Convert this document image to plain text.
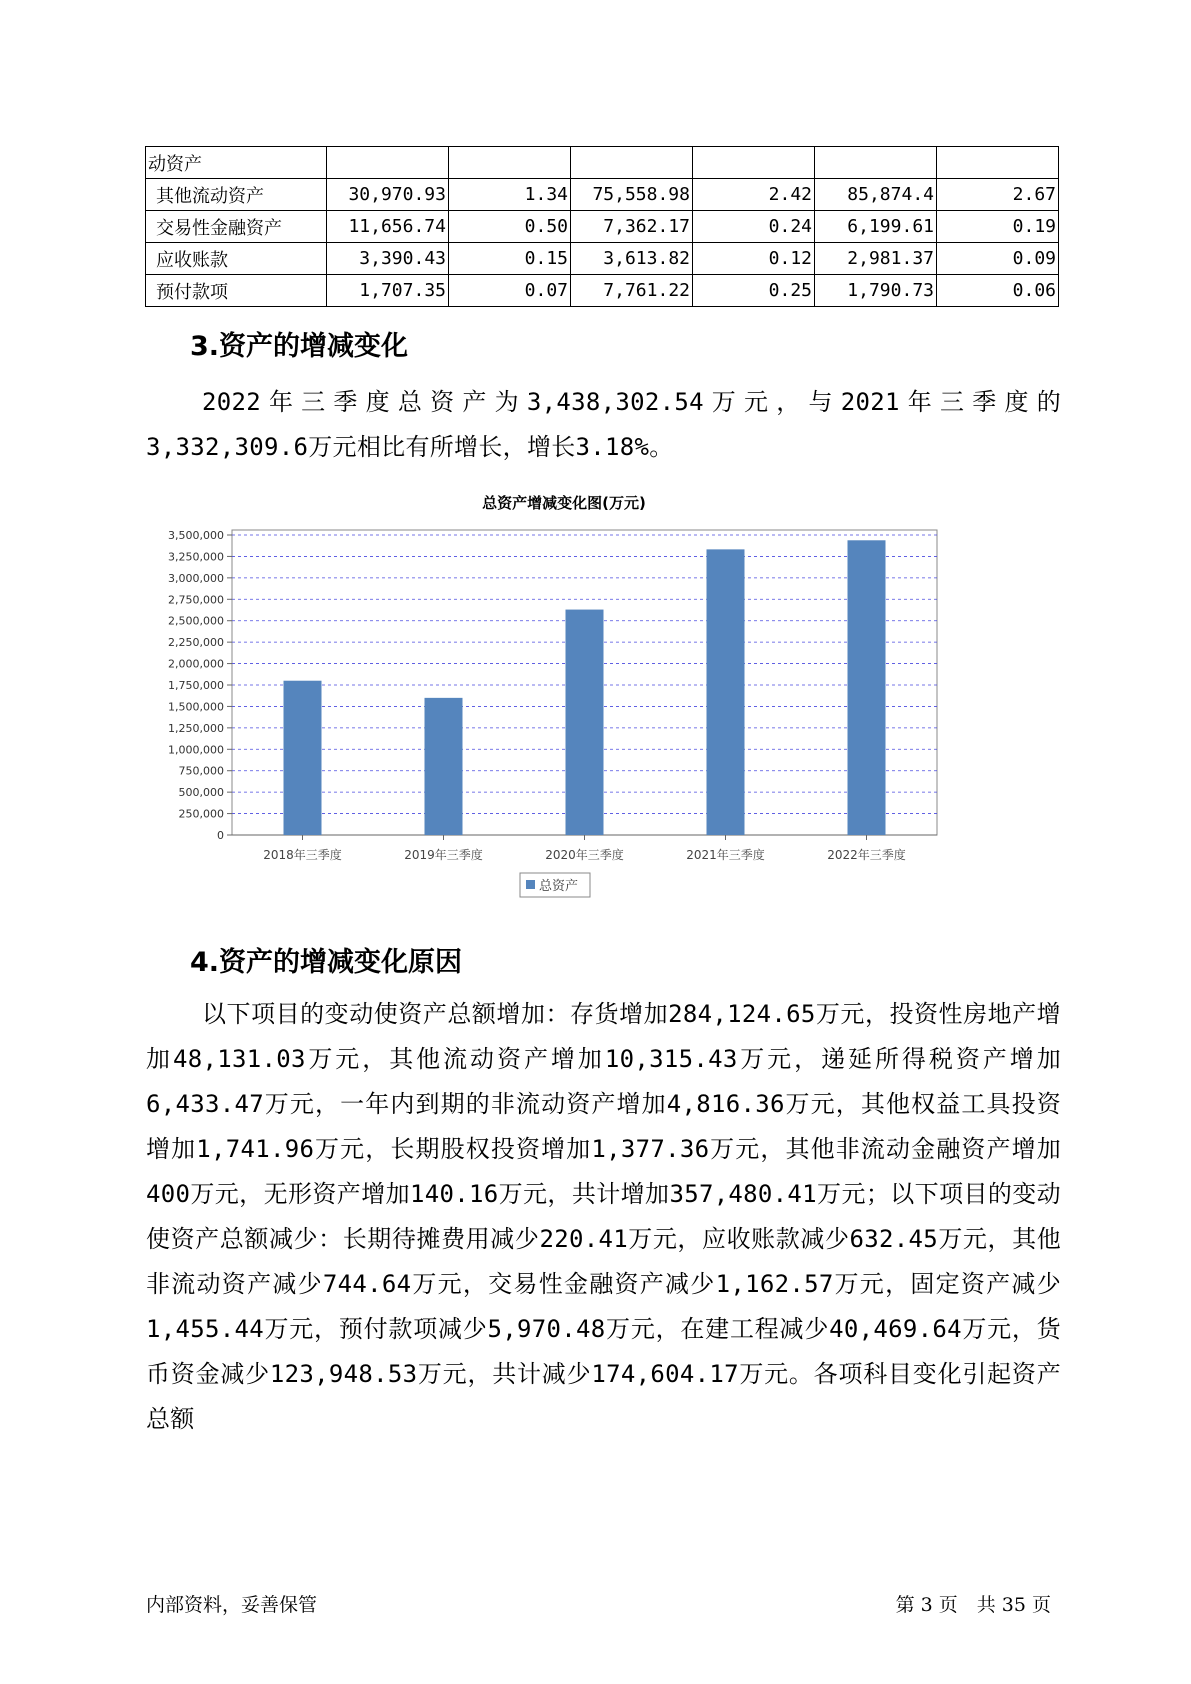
动资产						
其他流动资产	30,970.93	1.34	75,558.98	2.42	85,874.4	2.67
交易性金融资产	11,656.74	0.50	7,362.17	0.24	6,199.61	0.19
应收账款	3,390.43	0.15	3,613.82	0.12	2,981.37	0.09
预付款项	1,707.35	0.07	7,761.22	0.25	1,790.73	0.06
3.资产的增减变化

2022年三季度总资产为3,438,302.54万元，与2021年三季度的3,332,309.6万元相比有所增长，增长3.18%。

总资产增减变化图(万元)
0
250,000
500,000
750,000
1,000,000
1,250,000
1,500,000
1,750,000
2,000,000
2,250,000
2,500,000
2,750,000
3,000,000
3,250,000
3,500,000
2018年三季度	2019年三季度	2020年三季度	2021年三季度	2022年三季度
总资产
4.资产的增减变化原因

以下项目的变动使资产总额增加：存货增加284,124.65万元，投资性房地产增加48,131.03万元，其他流动资产增加10,315.43万元，递延所得税资产增加6,433.47万元，一年内到期的非流动资产增加4,816.36万元，其他权益工具投资增加1,741.96万元，长期股权投资增加1,377.36万元，其他非流动金融资产增加400万元，无形资产增加140.16万元，共计增加357,480.41万元；以下项目的变动使资产总额减少：长期待摊费用减少220.41万元，应收账款减少632.45万元，其他非流动资产减少744.64万元，交易性金融资产减少1,162.57万元，固定资产减少1,455.44万元，预付款项减少5,970.48万元，在建工程减少40,469.64万元，货币资金减少123,948.53万元，共计减少174,604.17万元。各项科目变化引起资产总额

内部资料，妥善保管	第 3 页　共 35 页
